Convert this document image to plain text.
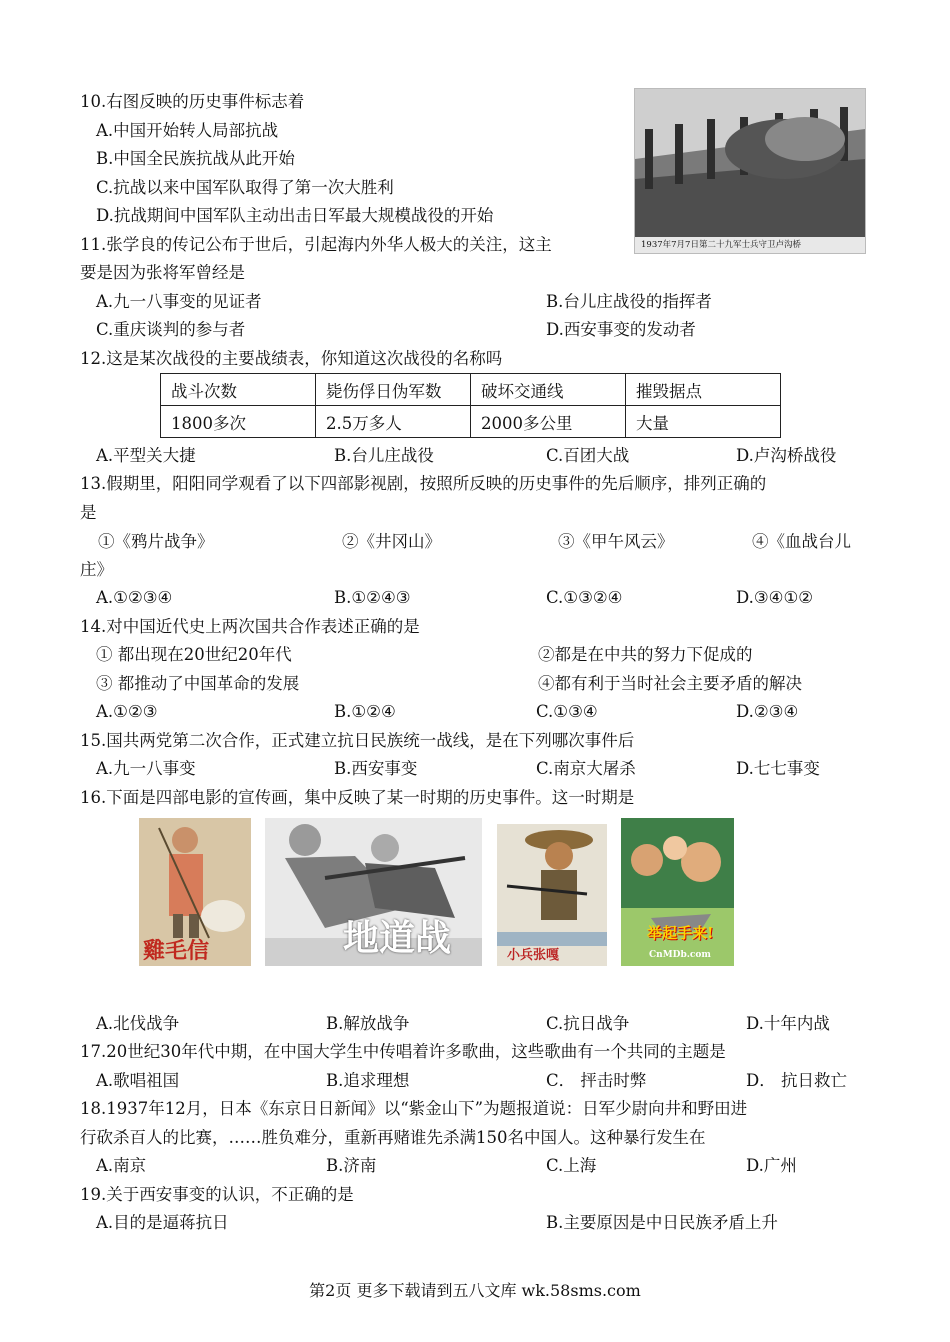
10.右图反映的历史事件标志着
A.中国开始转人局部抗战
B.中国全民族抗战从此开始
C.抗战以来中国军队取得了第一次大胜利
D.抗战期间中国军队主动出击日军最大规模战役的开始
1937年7月7日第二十九军士兵守卫卢沟桥
11.张学良的传记公布于世后，引起海内外华人极大的关注，这主
要是因为张将军曾经是
A.九一八事变的见证者	B.台儿庄战役的指挥者
C.重庆谈判的参与者	D.西安事变的发动者
12.这是某次战役的主要战绩表，你知道这次战役的名称吗
战斗次数	毙伤俘日伪军数	破坏交通线	摧毁据点
1800多次	2.5万多人	2000多公里	大量
A.平型关大捷	B.台儿庄战役	C.百团大战	D.卢沟桥战役
13.假期里，阳阳同学观看了以下四部影视剧，按照所反映的历史事件的先后顺序，排列正确的
是
①《鸦片战争》	②《井冈山》	③《甲午风云》	④《血战台儿
庄》
A.①②③④	B.①②④③	C.①③②④	D.③④①②
14.对中国近代史上两次国共合作表述正确的是
① 都出现在20世纪20年代	②都是在中共的努力下促成的
③ 都推动了中国革命的发展	④都有利于当时社会主要矛盾的解决
A.①②③	B.①②④	C.①③④	D.②③④
15.国共两党第二次合作，正式建立抗日民族统一战线，是在下列哪次事件后
A.九一八事变	B.西安事变	C.南京大屠杀	D.七七事变
16.下面是四部电影的宣传画，集中反映了某一时期的历史事件。这一时期是
雞毛信	地道战	小兵张嘎
举起手来!
CnMDb.com
A.北伐战争	B.解放战争	C.抗日战争	D.十年内战
17.20世纪30年代中期，在中国大学生中传唱着许多歌曲，这些歌曲有一个共同的主题是
A.歌唱祖国	B.追求理想	C． 抨击时弊	D． 抗日救亡
18.1937年12月，日本《东京日日新闻》以“紫金山下”为题报道说：日军少尉向井和野田进
行砍杀百人的比赛，……胜负难分，重新再赌谁先杀满150名中国人。这种暴行发生在
A.南京	B.济南	C.上海	D.广州
19.关于西安事变的认识，不正确的是
A.目的是逼蒋抗日	B.主要原因是中日民族矛盾上升
第2页 更多下载请到五八文库 wk.58sms.com
